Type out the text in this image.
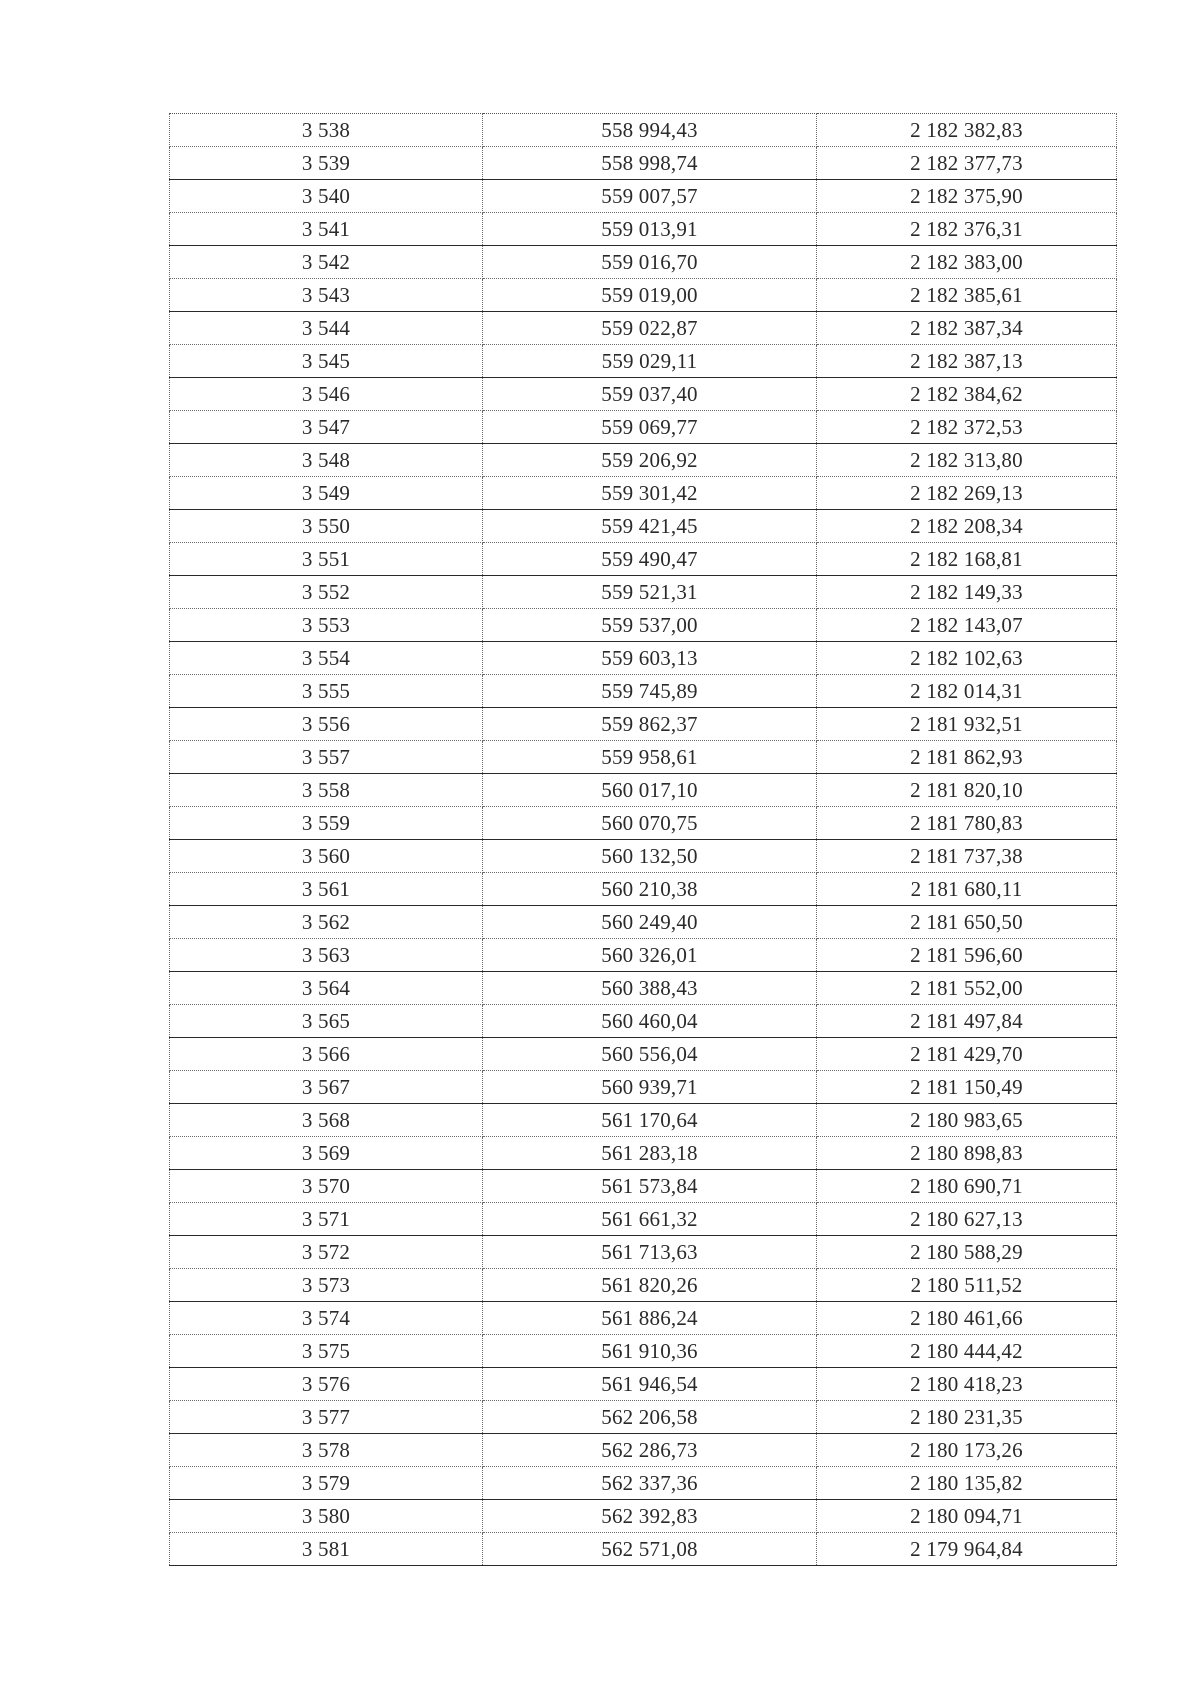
3 538	558 994,43	2 182 382,83
3 539	558 998,74	2 182 377,73
3 540	559 007,57	2 182 375,90
3 541	559 013,91	2 182 376,31
3 542	559 016,70	2 182 383,00
3 543	559 019,00	2 182 385,61
3 544	559 022,87	2 182 387,34
3 545	559 029,11	2 182 387,13
3 546	559 037,40	2 182 384,62
3 547	559 069,77	2 182 372,53
3 548	559 206,92	2 182 313,80
3 549	559 301,42	2 182 269,13
3 550	559 421,45	2 182 208,34
3 551	559 490,47	2 182 168,81
3 552	559 521,31	2 182 149,33
3 553	559 537,00	2 182 143,07
3 554	559 603,13	2 182 102,63
3 555	559 745,89	2 182 014,31
3 556	559 862,37	2 181 932,51
3 557	559 958,61	2 181 862,93
3 558	560 017,10	2 181 820,10
3 559	560 070,75	2 181 780,83
3 560	560 132,50	2 181 737,38
3 561	560 210,38	2 181 680,11
3 562	560 249,40	2 181 650,50
3 563	560 326,01	2 181 596,60
3 564	560 388,43	2 181 552,00
3 565	560 460,04	2 181 497,84
3 566	560 556,04	2 181 429,70
3 567	560 939,71	2 181 150,49
3 568	561 170,64	2 180 983,65
3 569	561 283,18	2 180 898,83
3 570	561 573,84	2 180 690,71
3 571	561 661,32	2 180 627,13
3 572	561 713,63	2 180 588,29
3 573	561 820,26	2 180 511,52
3 574	561 886,24	2 180 461,66
3 575	561 910,36	2 180 444,42
3 576	561 946,54	2 180 418,23
3 577	562 206,58	2 180 231,35
3 578	562 286,73	2 180 173,26
3 579	562 337,36	2 180 135,82
3 580	562 392,83	2 180 094,71
3 581	562 571,08	2 179 964,84
